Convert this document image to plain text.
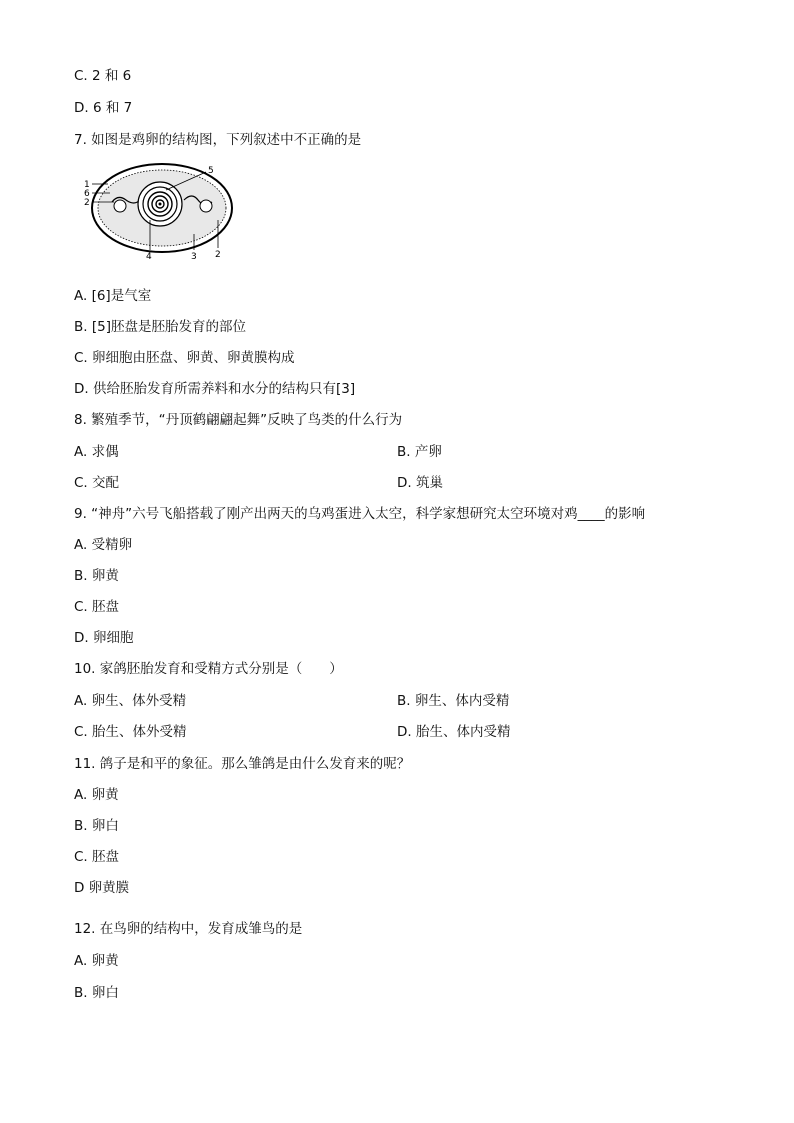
C. 2 和 6
D. 6 和 7
7. 如图是鸡卵的结构图，下列叙述中不正确的是
1
6
2
5
4	3 2
A. [6]是气室
B. [5]胚盘是胚胎发育的部位
C. 卵细胞由胚盘、卵黄、卵黄膜构成
D. 供给胚胎发育所需养料和水分的结构只有[3]
8. 繁殖季节，“丹顶鹤翩翩起舞”反映了鸟类的什么行为
A. 求偶	B. 产卵
C. 交配	D. 筑巢
9. “神舟”六号飞船搭载了刚产出两天的乌鸡蛋进入太空，科学家想研究太空环境对鸡____的影响
A. 受精卵
B. 卵黄
C. 胚盘
D. 卵细胞
10. 家鸽胚胎发育和受精方式分别是（　　）
A. 卵生、体外受精	B. 卵生、体内受精
C. 胎生、体外受精	D. 胎生、体内受精
11. 鸽子是和平的象征。那么雏鸽是由什么发育来的呢？
A. 卵黄
B. 卵白
C. 胚盘
D 卵黄膜
12. 在鸟卵的结构中，发育成雏鸟的是
A. 卵黄
B. 卵白
